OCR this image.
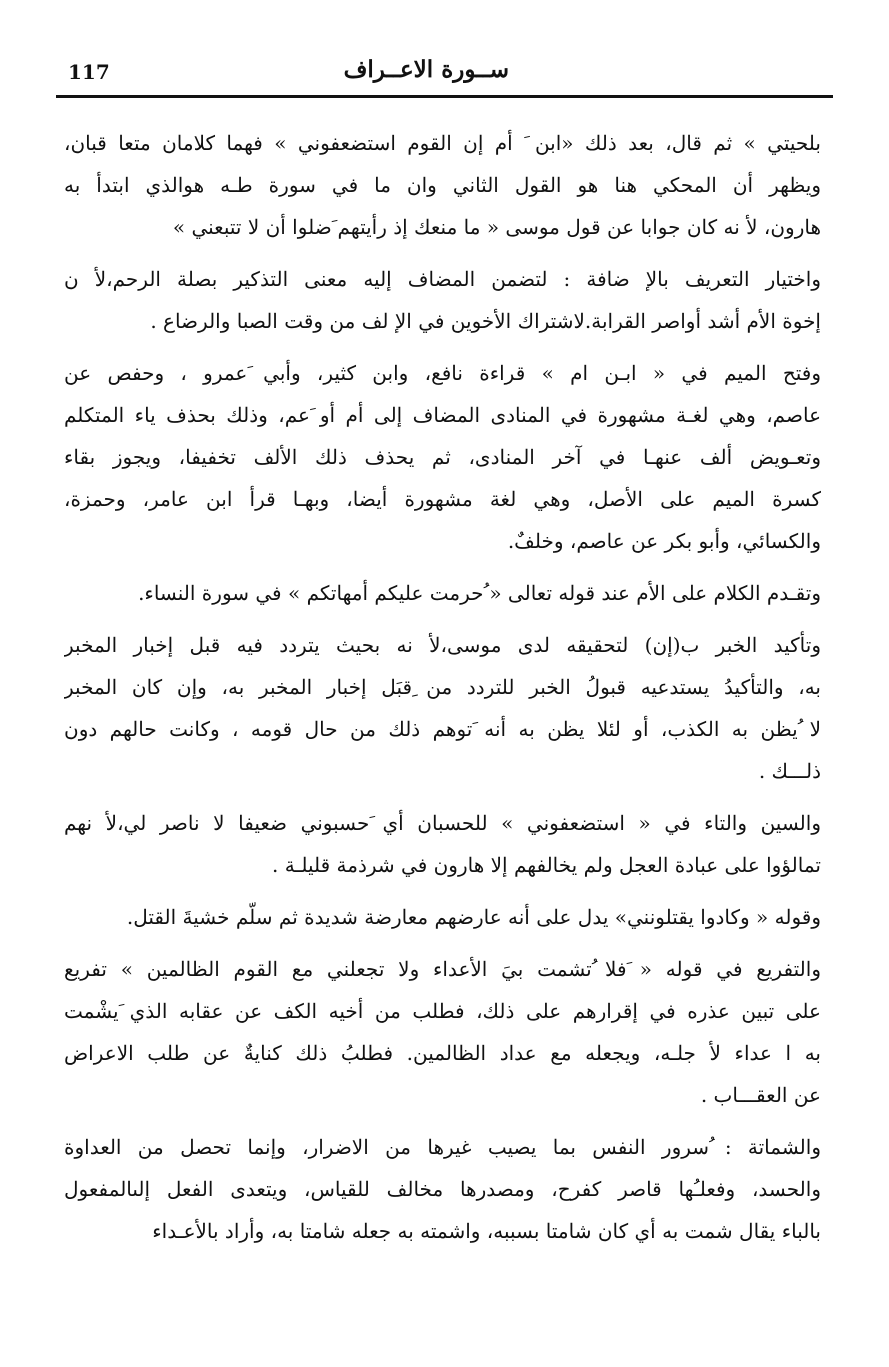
117	ســورة الاعــراف
بلحيتي » ثم قال، بعد ذلك «ابن َ أم إن القوم استضعفوني » فهما كلامان متعا قبان،
ويظهر أن المحكي هنا هو القول الثاني وان ما في سورة طـه هوالذي ابتدأ به
هارون، لأ نه كان جوابا عن قول موسى « ما منعك إذ رأيتهم َضلوا أن لا تتبعني »
واختيار التعريف بالإ ضافة : لتضمن المضاف إليه معنى التذكير بصلة الرحم،لأ ن
إخوة الأم أشد أواصر القرابة.لاشتراك الأخوين في الإ لف من وقت الصبا والرضاع .
وفتح الميم في « ابـن ام » قراءة نافع، وابن كثير، وأبي َعمرو ، وحفص عن
عاصم، وهي لغـة مشهورة في المنادى المضاف إلى أم أو َعم، وذلك بحذف ياء المتكلم
وتعـويض ألف عنهـا في آخر المنادى، ثم يحذف ذلك الألف تخفيفا، ويجوز بقاء
كسرة الميم على الأصل، وهي لغة مشهورة أيضا، وبهـا قرأ ابن عامر، وحمزة،
والكسائي، وأبو بكر عن عاصم، وخلفٌ.
وتقـدم الكلام على الأم عند قوله تعالى « ُحرمت عليكم أمهاتكم » في سورة النساء.
وتأكيد الخبر ب(إن) لتحقيقه لدى موسى،لأ نه بحيث يتردد فيه قبل إخبار المخبر
به، والتأكيدُ يستدعيه قبولُ الخبر للتردد من ِقبَل إخبار المخبر به، وإن كان المخبر
لا ُيظن به الكذب، أو لئلا يظن به أنه َتوهم ذلك من حال قومه ، وكانت حالهم دون
ذلـــك .
والسين والتاء في « استضعفوني » للحسبان أي َحسبوني ضعيفا لا ناصر لي،لأ نهم
تمالؤوا على عبادة العجل ولم يخالفهم إلا هارون في شرذمة قليلـة .
وقوله « وكادوا يقتلونني» يدل على أنه عارضهم معارضة شديدة ثم سلّم خشيةَ القتل.
والتفريع في قوله « َفلا ُتشمت بيَ الأعداء ولا تجعلني مع القوم الظالمين » تفريع
على تبين عذره في إقرارهم على ذلك، فطلب من أخيه الكف عن عقابه الذي َيشْمت
به ا عداء لأ جلـه، ويجعله مع عداد الظالمين. فطلبُ ذلك كنايةٌ عن طلب الاعراض
عن العقـــاب .
والشماتة : ُسرور النفس بما يصيب غيرها من الاضرار، وإنما تحصل من العداوة
والحسد، وفعلـُها قاصر كفرح، ومصدرها مخالف للقياس، ويتعدى الفعل إلىالمفعول
بالباء يقال شمت به أي كان شامتا بسببه، واشمته به جعله شامتا به، وأراد بالأعـداء
